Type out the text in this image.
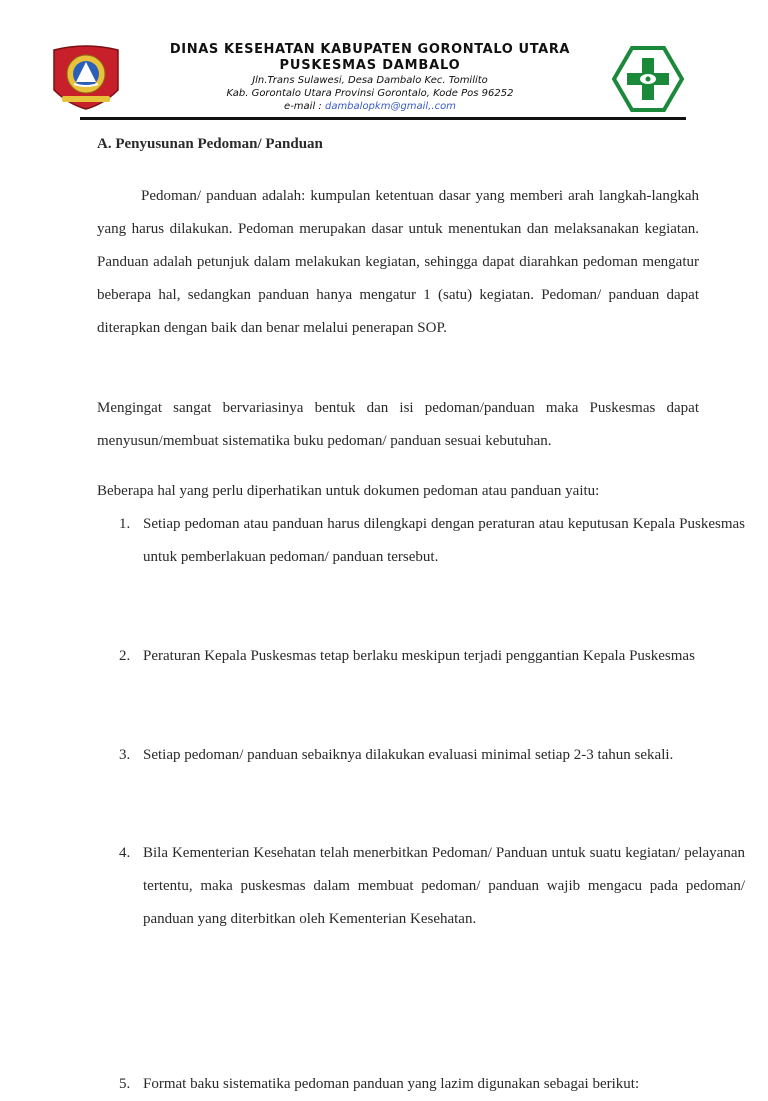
DINAS KESEHATAN KABUPATEN GORONTALO UTARA
PUSKESMAS DAMBALO
Jln.Trans Sulawesi, Desa Dambalo Kec. Tomilito
Kab. Gorontalo Utara Provinsi Gorontalo, Kode Pos 96252
e-mail : dambalopkm@gmail,.com
A. Penyusunan Pedoman/ Panduan

Pedoman/ panduan adalah: kumpulan ketentuan dasar yang memberi arah langkah-langkah yang harus dilakukan. Pedoman merupakan dasar untuk menentukan dan melaksanakan kegiatan. Panduan adalah petunjuk dalam melakukan kegiatan, sehingga dapat diarahkan pedoman mengatur beberapa hal, sedangkan panduan hanya mengatur 1 (satu) kegiatan. Pedoman/ panduan dapat diterapkan dengan baik dan benar melalui penerapan SOP.

Mengingat sangat bervariasinya bentuk dan isi pedoman/panduan maka Puskesmas dapat menyusun/membuat sistematika buku pedoman/ panduan sesuai kebutuhan.

Beberapa hal yang perlu diperhatikan untuk dokumen pedoman atau panduan yaitu:

1. Setiap pedoman atau panduan harus dilengkapi dengan peraturan atau keputusan Kepala Puskesmas untuk pemberlakuan pedoman/ panduan tersebut.
2. Peraturan Kepala Puskesmas tetap berlaku meskipun terjadi penggantian Kepala Puskesmas
3. Setiap pedoman/ panduan sebaiknya dilakukan evaluasi minimal setiap 2-3 tahun sekali.
4. Bila Kementerian Kesehatan telah menerbitkan Pedoman/ Panduan untuk suatu kegiatan/ pelayanan tertentu, maka puskesmas dalam membuat pedoman/ panduan wajib mengacu pada pedoman/ panduan yang diterbitkan oleh Kementerian Kesehatan.
5. Format baku sistematika pedoman panduan yang lazim digunakan sebagai berikut:
